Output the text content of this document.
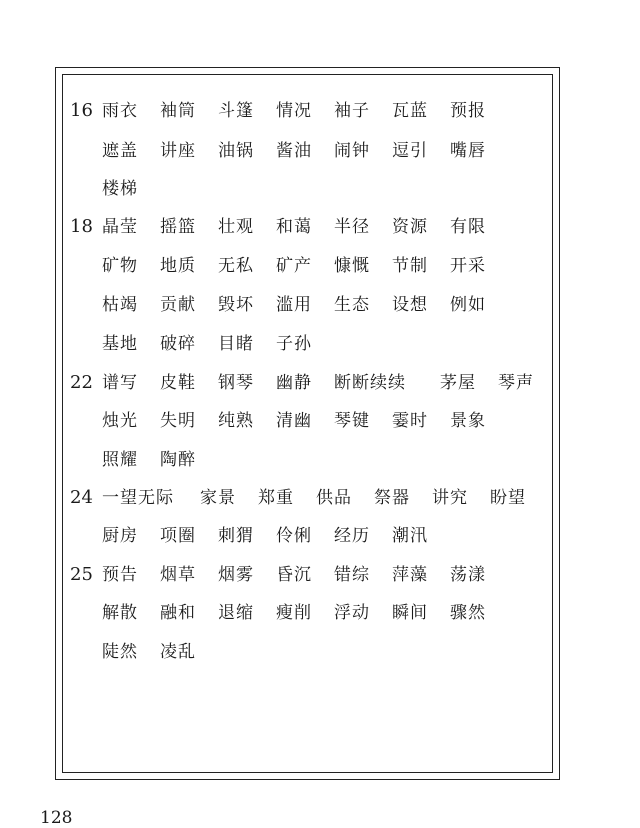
16 雨衣 袖筒 斗篷 情况 袖子 瓦蓝 预报
遮盖 讲座 油锅 酱油 闹钟 逗引 嘴唇
楼梯
18 晶莹 摇篮 壮观 和蔼 半径 资源 有限
矿物 地质 无私 矿产 慷慨 节制 开采
枯竭 贡献 毁坏 滥用 生态 设想 例如
基地 破碎 目睹 子孙
22 谱写 皮鞋 钢琴 幽静 断断续续 茅屋 琴声
烛光 失明 纯熟 清幽 琴键 霎时 景象
照耀 陶醉
24 一望无际 家景 郑重 供品 祭器 讲究 盼望
厨房 项圈 刺猬 伶俐 经历 潮汛
25 预告 烟草 烟雾 昏沉 错综 萍藻 荡漾
解散 融和 退缩 瘦削 浮动 瞬间 骤然
陡然 凌乱
128
